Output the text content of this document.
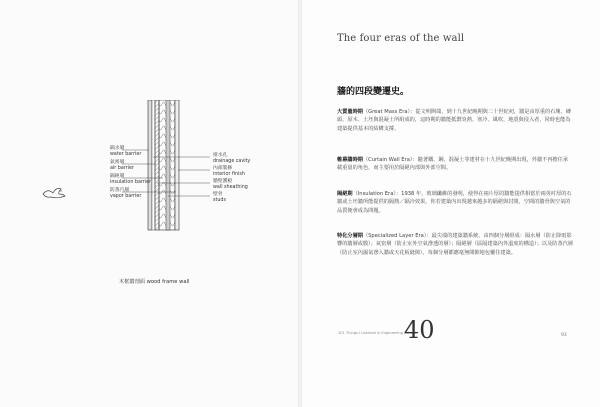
隔水層
water barrier
氣密層
air barrier
隔絕層
insulation barrier
防蒸汽層
vapor barrier
排水孔
drainage cavity
內部裝修
interior finish
牆壁護板
wall sheathing
壁骨
studs
木框牆剖面 wood frame wall
The four eras of the wall
牆的四段變遷史。

大質量時期（Great Mass Era）：從文明開端，到十九世紀晚期與二十世紀初，牆是由厚重的石塊、磚頭、原木、土坯與混凝土所組成的，這時期的牆能抵禦炎熱、寒冷、風吹、地震與侵入者，同時也能為建築提供基本的結構支撐。

帷幕牆時期（Curtain Wall Era）：隨著鐵、鋼、混凝土等建材在十九世紀晚期出現，外牆不再擔任承載重量的角色，而主要用於隔絕內部與外部空間。

隔絕期（Insulation Era）：1938 年，玻璃纖維的發明，使得在兩片厚的牆能提供相當於兩英吋厚的石牆或土坯牆所能提供的隔熱／隔冷效果。你若建築內出現越來越多的隔絕與封閉，空間的牆骨與空氣的品質便會成為問題。

特化分層期（Specialized Layer Era）：最尖端的建築牆系統，由四個分層組成：隔水層（防止降雨影響的牆層或膜）；氣密層（防止室外空氣滲透的層）；隔絕層（區隔建築內外溫度的構造）；以及防蒸汽層（防止室內濕氣滲入牆或天花板縫隙），每個分層都應毫無間隙地包覆住建築。

101 Things I Learned in Engineering School
40	93
